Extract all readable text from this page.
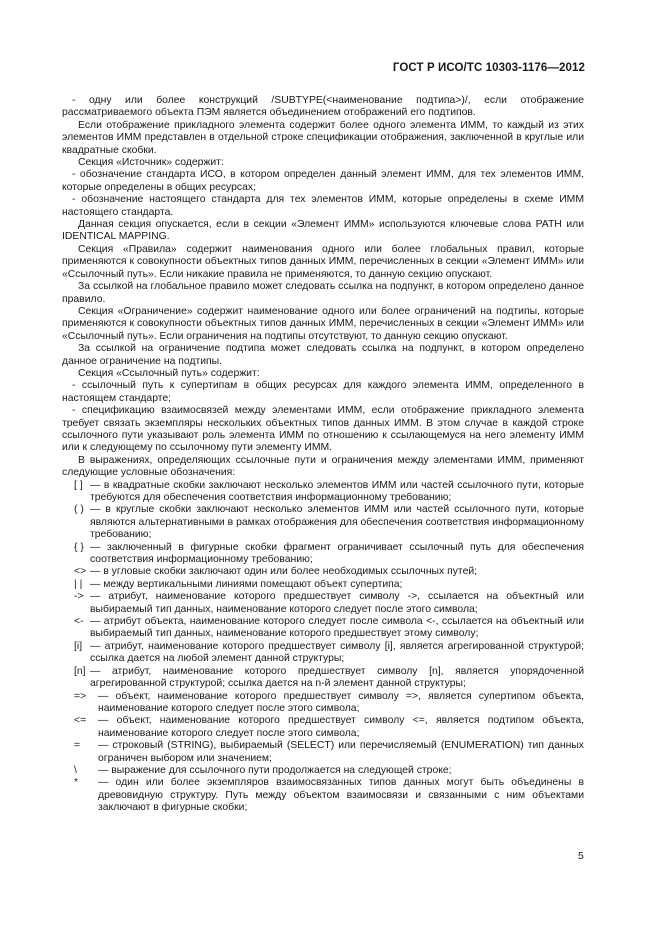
ГОСТ Р ИСО/ТС 10303-1176—2012

- одну или более конструкций /SUBTYPE(<наименование подтипа>)/, если отображение рассматриваемого объекта ПЭМ является объединением отображений его подтипов.

Если отображение прикладного элемента содержит более одного элемента ИММ, то каждый из этих элементов ИММ представлен в отдельной строке спецификации отображения, заключенной в круглые или квадратные скобки.

Секция «Источник» содержит:

- обозначение стандарта ИСО, в котором определен данный элемент ИММ, для тех элементов ИММ, которые определены в общих ресурсах;

- обозначение настоящего стандарта для тех элементов ИММ, которые определены в схеме ИММ настоящего стандарта.

Данная секция опускается, если в секции «Элемент ИММ» используются ключевые слова PATH или IDENTICAL MAPPING.

Секция «Правила» содержит наименования одного или более глобальных правил, которые применяются к совокупности объектных типов данных ИММ, перечисленных в секции «Элемент ИММ» или «Ссылочный путь». Если никакие правила не применяются, то данную секцию опускают.

За ссылкой на глобальное правило может следовать ссылка на подпункт, в котором определено данное правило.

Секция «Ограничение» содержит наименование одного или более ограничений на подтипы, которые применяются к совокупности объектных типов данных ИММ, перечисленных в секции «Элемент ИММ» или «Ссылочный путь». Если ограничения на подтипы отсутствуют, то данную секцию опускают.

За ссылкой на ограничение подтипа может следовать ссылка на подпункт, в котором определено данное ограничение на подтипы.

Секция «Ссылочный путь» содержит:

- ссылочный путь к супертипам в общих ресурсах для каждого элемента ИММ, определенного в настоящем стандарте;

- спецификацию взаимосвязей между элементами ИММ, если отображение прикладного элемента требует связать экземпляры нескольких объектных типов данных ИММ. В этом случае в каждой строке ссылочного пути указывают роль элемента ИММ по отношению к ссылающемуся на него элементу ИММ или к следующему по ссылочному пути элементу ИММ.

В выражениях, определяющих ссылочные пути и ограничения между элементами ИММ, применяют следующие условные обозначения:

[ ] — в квадратные скобки заключают несколько элементов ИММ или частей ссылочного пути, которые требуются для обеспечения соответствия информационному требованию;
( ) — в круглые скобки заключают несколько элементов ИММ или частей ссылочного пути, которые являются альтернативными в рамках отображения для обеспечения соответствия информационному требованию;
{ } — заключенный в фигурные скобки фрагмент ограничивает ссылочный путь для обеспечения соответствия информационному требованию;
<> — в угловые скобки заключают один или более необходимых ссылочных путей;
| | — между вертикальными линиями помещают объект супертипа;
-> — атрибут, наименование которого предшествует символу ->, ссылается на объектный или выбираемый тип данных, наименование которого следует после этого символа;
<- — атрибут объекта, наименование которого следует после символа <-, ссылается на объектный или выбираемый тип данных, наименование которого предшествует этому символу;
[i] — атрибут, наименование которого предшествует символу [i], является агрегированной структурой; ссылка дается на любой элемент данной структуры;
[n] — атрибут, наименование которого предшествует символу [n], является упорядоченной агрегированной структурой; ссылка дается на n-й элемент данной структуры;
=>	— объект, наименование которого предшествует символу =>, является супертипом объекта, наименование которого следует после этого символа;
<=	— объект, наименование которого предшествует символу <=, является подтипом объекта, наименование которого следует после этого символа;
=	— строковый (STRING), выбираемый (SELECT) или перечисляемый (ENUMERATION) тип данных ограничен выбором или значением;
\	— выражение для ссылочного пути продолжается на следующей строке;
*	— один или более экземпляров взаимосвязанных типов данных могут быть объединены в древовидную структуру. Путь между объектом взаимосвязи и связанными с ним объектами заключают в фигурные скобки;
5
